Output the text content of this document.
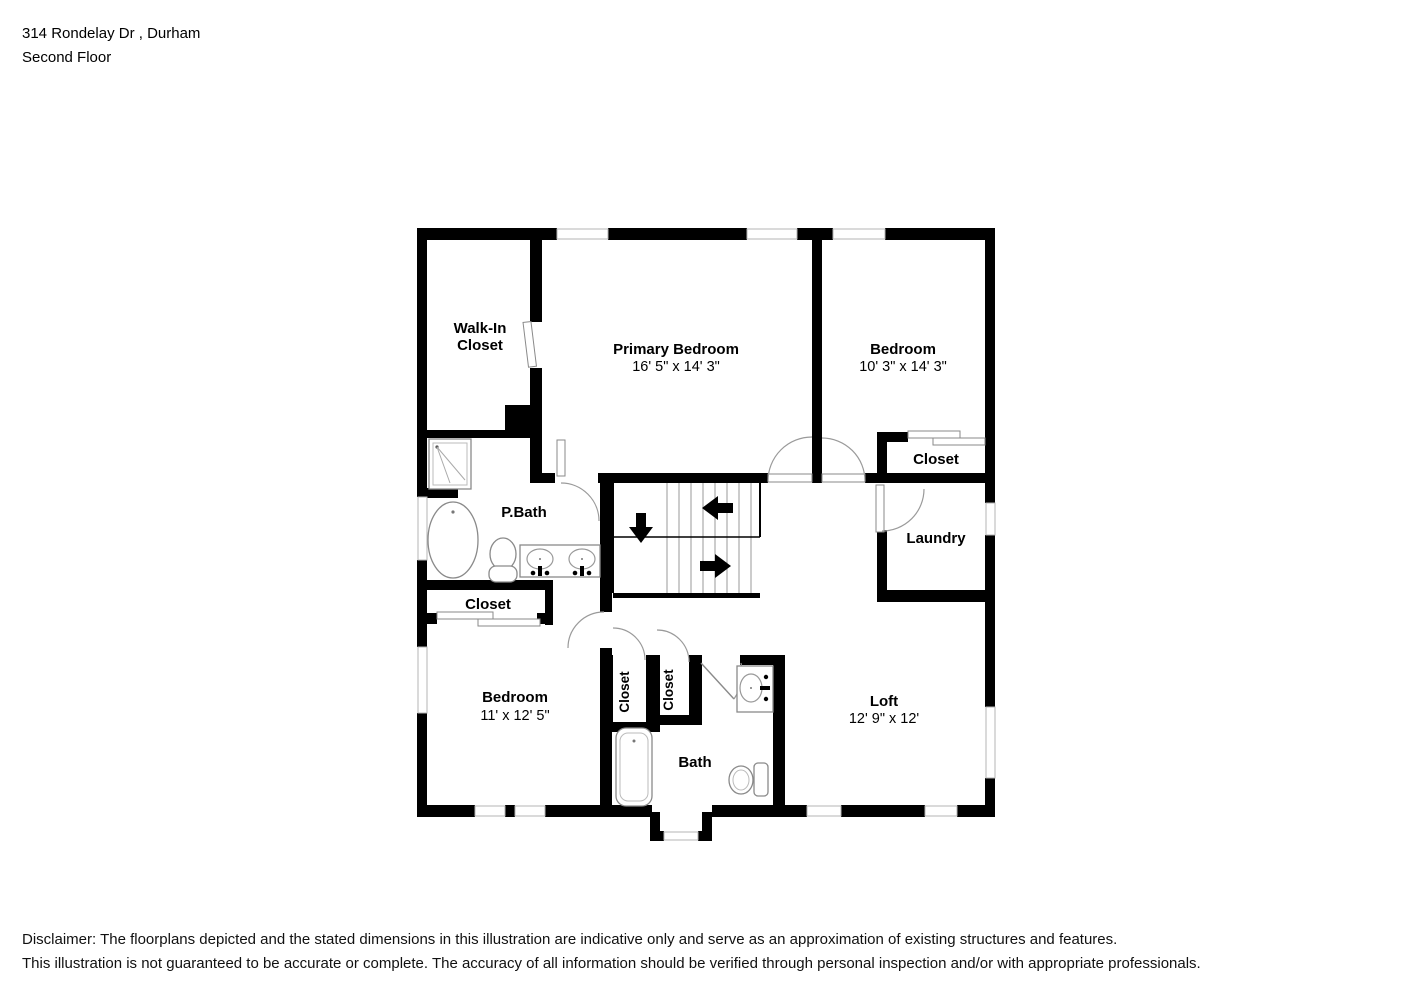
314 Rondelay Dr , Durham
Second Floor
Walk-In
Closet	Primary Bedroom
16' 5" x 14' 3"
Bedroom
10' 3" x 14' 3"
Closet
Laundry
P.Bath
Closet
Bedroom
11' x 12' 5"
Closet Closet
Bath
Loft
12' 9" x 12'
Disclaimer: The floorplans depicted and the stated dimensions in this illustration are indicative only and serve as an approximation of existing structures and features.
This illustration is not guaranteed to be accurate or complete. The accuracy of all information should be verified through personal inspection and/or with appropriate professionals.
